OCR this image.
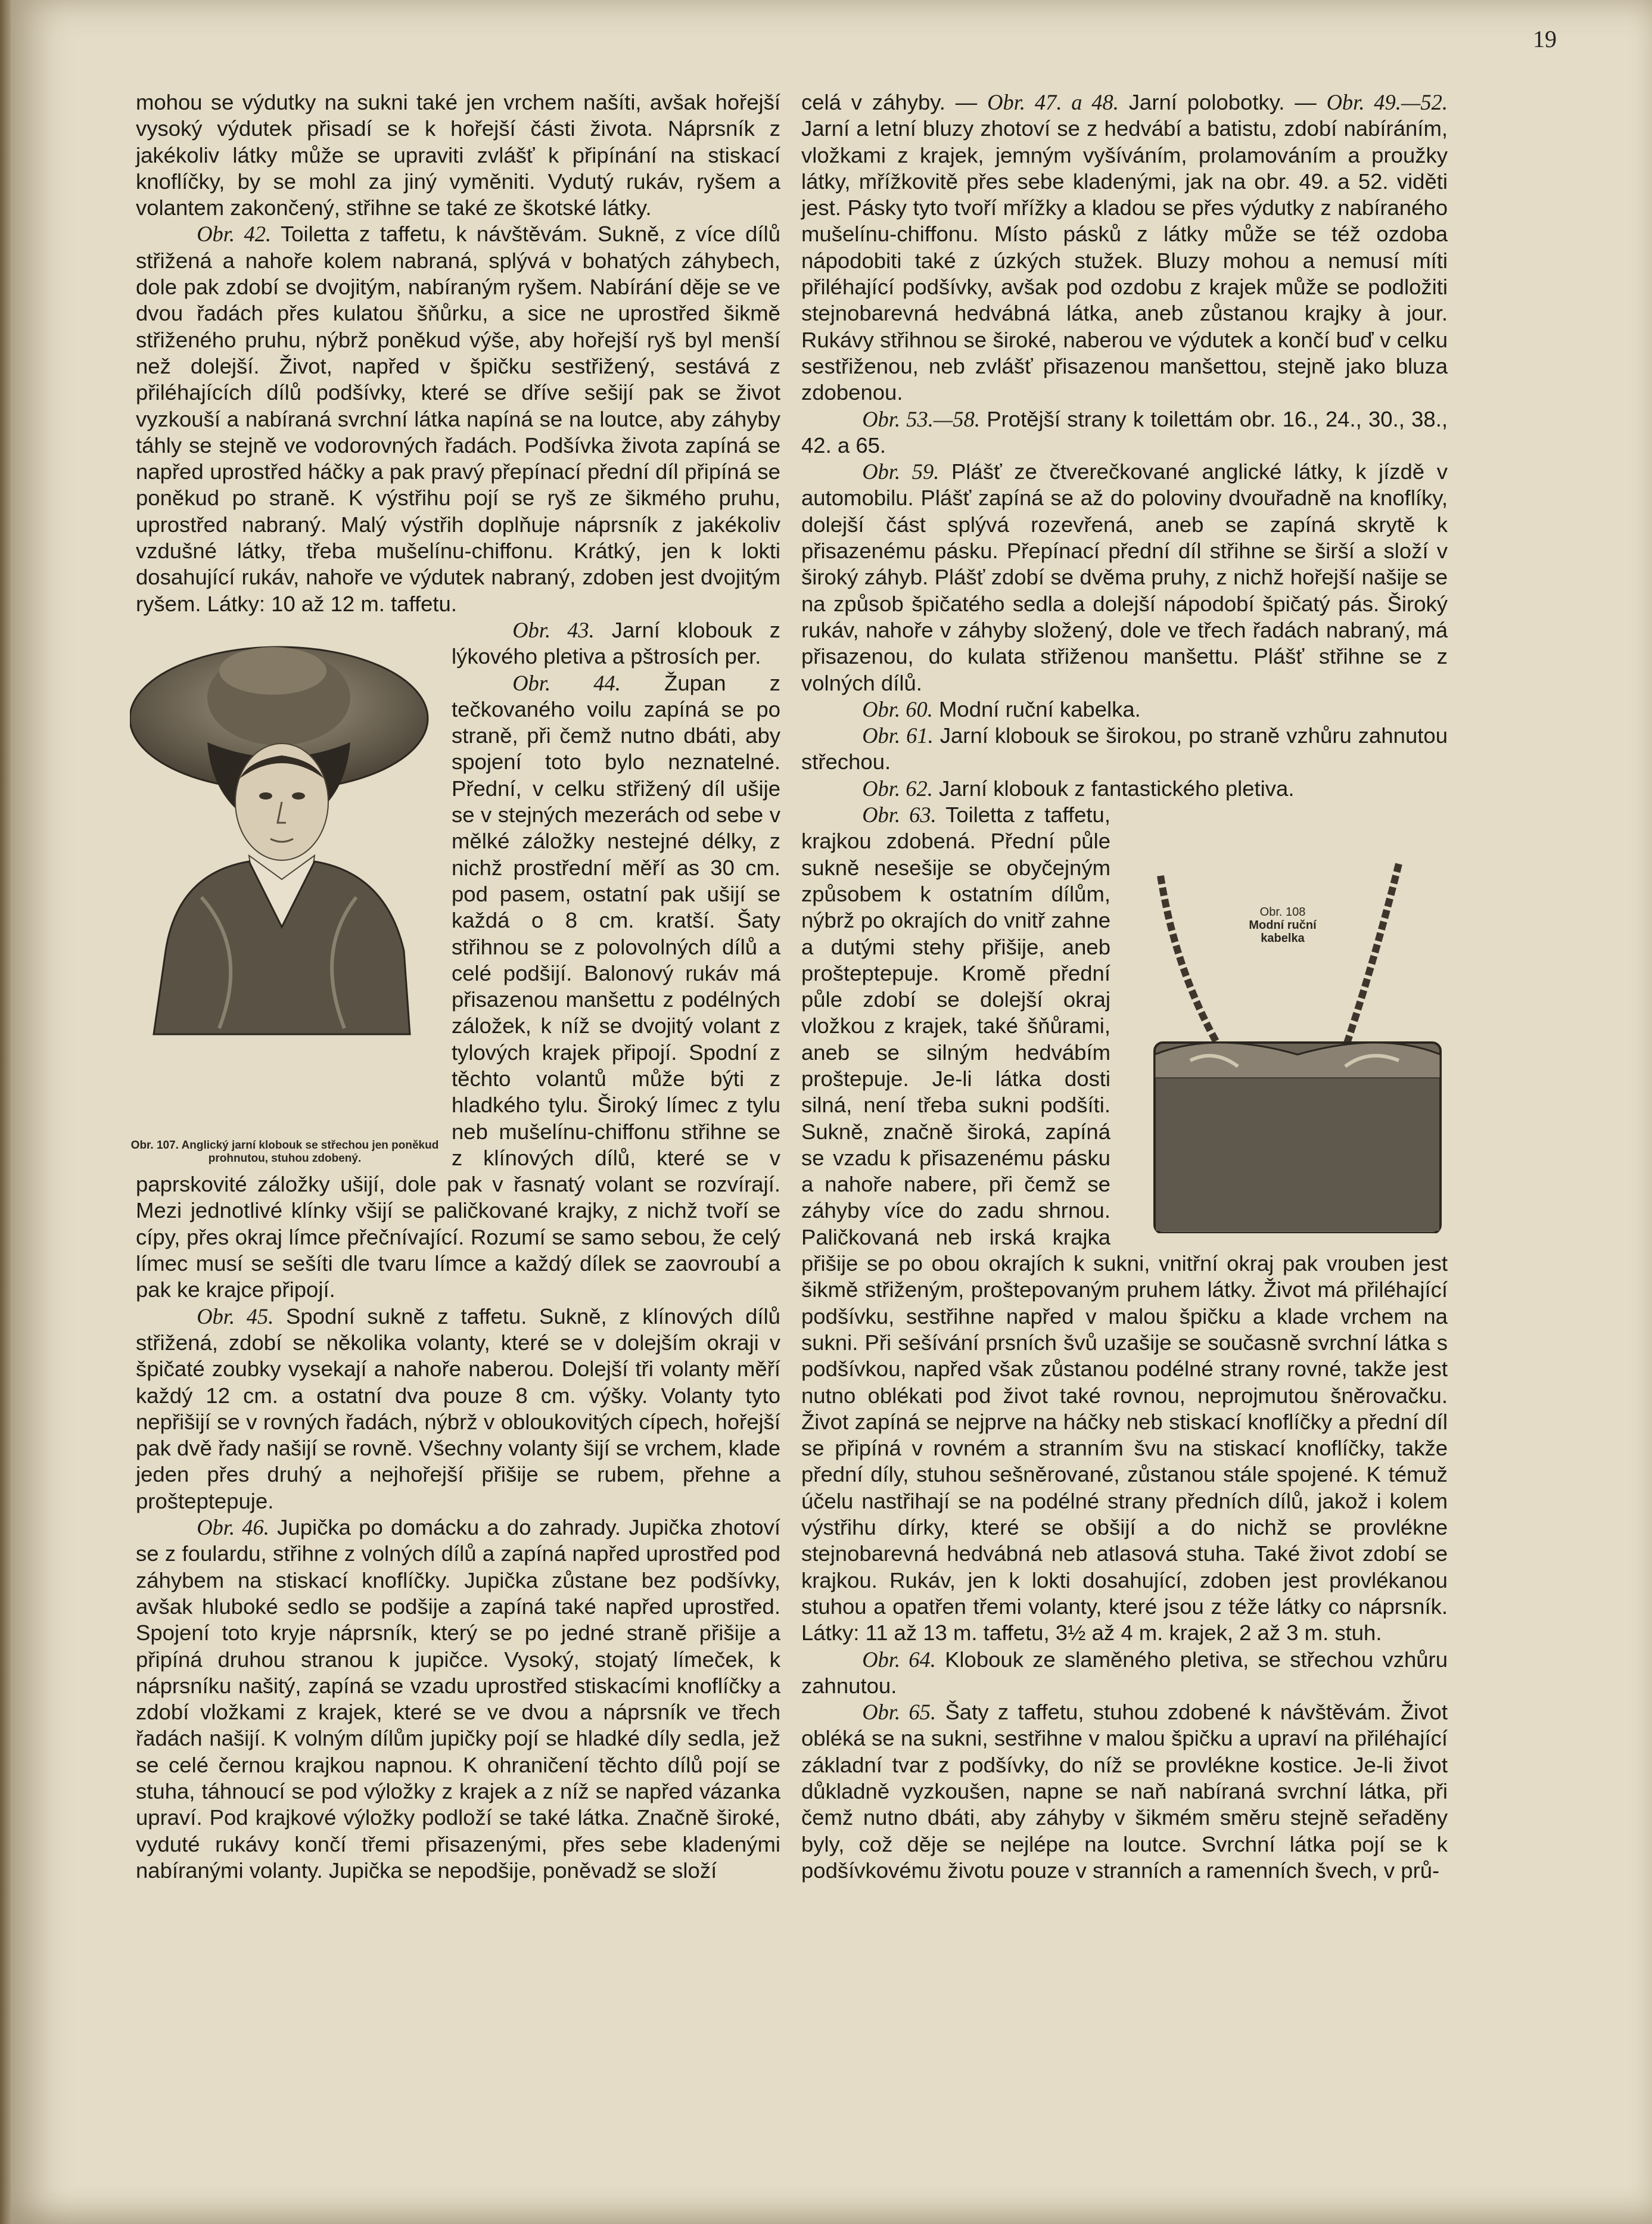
19

mohou se výdutky na sukni také jen vrchem našíti, avšak hořejší vysoký výdutek přisadí se k hořejší části života. Náprsník z jakékoliv látky může se upraviti zvlášť k připínání na stiskací knoflíčky, by se mohl za jiný vyměniti. Vydutý rukáv, ryšem a volantem zakončený, střihne se také ze škotské látky.

Obr. 42. Toiletta z taffetu, k návštěvám. Sukně, z více dílů střižená a nahoře kolem nabraná, splývá v bohatých záhybech, dole pak zdobí se dvojitým, nabíraným ryšem. Nabírání děje se ve dvou řadách přes kulatou šňůrku, a sice ne uprostřed šikmě střiženého pruhu, nýbrž poněkud výše, aby hořejší ryš byl menší než dolejší. Život, napřed v špičku sestřižený, sestává z přiléhajících dílů podšívky, které se dříve sešijí pak se život vyzkouší a nabíraná svrchní látka napíná se na loutce, aby záhyby táhly se stejně ve vodorovných řadách. Podšívka života zapíná se napřed uprostřed háčky a pak pravý přepínací přední díl připíná se poněkud po straně. K výstřihu pojí se ryš ze šikmého pruhu, uprostřed nabraný. Malý výstřih doplňuje náprsník z jakékoliv vzdušné látky, třeba mušelínu-chiffonu. Krátký, jen k lokti dosahující rukáv, nahoře ve výdutek nabraný, zdoben jest dvojitým ryšem. Látky: 10 až 12 m. taffetu.

Obr. 107. Anglický jarní klobouk se střechou jen poněkud prohnutou, stuhou zdobený.

Obr. 43. Jarní klobouk z lýkového pletiva a pštrosích per.

Obr. 44. Župan z tečkovaného voilu zapíná se po straně, při čemž nutno dbáti, aby spojení toto bylo neznatelné. Přední, v celku střižený díl ušije se v stejných mezerách od sebe v mělké záložky nestejné délky, z nichž prostřední měří as 30 cm. pod pasem, ostatní pak ušijí se každá o 8 cm. kratší. Šaty střihnou se z polovolných dílů a celé podšijí. Balonový rukáv má přisazenou manšettu z podélných záložek, k níž se dvojitý volant z tylových krajek připojí. Spodní z těchto volantů může býti z hladkého tylu. Široký límec z tylu neb mušelínu-chiffonu střihne se z klínových dílů, které se v paprskovité záložky ušijí, dole pak v řasnatý volant se rozvírají. Mezi jednotlivé klínky všijí se paličkované krajky, z nichž tvoří se cípy, přes okraj límce přečnívající. Rozumí se samo sebou, že celý límec musí se sešíti dle tvaru límce a každý dílek se zaovroubí a pak ke krajce připojí.

Obr. 45. Spodní sukně z taffetu. Sukně, z klínových dílů střižená, zdobí se několika volanty, které se v dolejším okraji v špičaté zoubky vysekají a nahoře naberou. Dolejší tři volanty měří každý 12 cm. a ostatní dva pouze 8 cm. výšky. Volanty tyto nepřišijí se v rovných řadách, nýbrž v obloukovitých cípech, hořejší pak dvě řady našijí se rovně. Všechny volanty šijí se vrchem, klade jeden přes druhý a nejhořejší přišije se rubem, přehne a prošteptepuje.

Obr. 46. Jupička po domácku a do zahrady. Jupička zhotoví se z foulardu, střihne z volných dílů a zapíná napřed uprostřed pod záhybem na stiskací knoflíčky. Jupička zůstane bez podšívky, avšak hluboké sedlo se podšije a zapíná také napřed uprostřed. Spojení toto kryje náprsník, který se po jedné straně přišije a připíná druhou stranou k jupičce. Vysoký, stojatý límeček, k náprsníku našitý, zapíná se vzadu uprostřed stiskacími knoflíčky a zdobí vložkami z krajek, které se ve dvou a náprsník ve třech řadách našijí. K volným dílům jupičky pojí se hladké díly sedla, jež se celé černou krajkou napnou. K ohraničení těchto dílů pojí se stuha, táhnoucí se pod výložky z krajek a z níž se napřed vázanka upraví. Pod krajkové výložky podloží se také látka. Značně široké, vyduté rukávy končí třemi přisazenými, přes sebe kladenými nabíranými volanty. Jupička se nepodšije, poněvadž se složí

celá v záhyby. — Obr. 47. a 48. Jarní polobotky. — Obr. 49.—52. Jarní a letní bluzy zhotoví se z hedvábí a batistu, zdobí nabíráním, vložkami z krajek, jemným vyšíváním, prolamováním a proužky látky, mřížkovitě přes sebe kladenými, jak na obr. 49. a 52. viděti jest. Pásky tyto tvoří mřížky a kladou se přes výdutky z nabíraného mušelínu-chiffonu. Místo pásků z látky může se též ozdoba nápodobiti také z úzkých stužek. Bluzy mohou a nemusí míti přiléhající podšívky, avšak pod ozdobu z krajek může se podložiti stejnobarevná hedvábná látka, aneb zůstanou krajky à jour. Rukávy střihnou se široké, naberou ve výdutek a končí buď v celku sestřiženou, neb zvlášť přisazenou manšettou, stejně jako bluza zdobenou.

Obr. 53.—58. Protější strany k toilettám obr. 16., 24., 30., 38., 42. a 65.

Obr. 59. Plášť ze čtverečkované anglické látky, k jízdě v automobilu. Plášť zapíná se až do poloviny dvouřadně na knoflíky, dolejší část splývá rozevřená, aneb se zapíná skrytě k přisazenému pásku. Přepínací přední díl střihne se širší a složí v široký záhyb. Plášť zdobí se dvěma pruhy, z nichž hořejší našije se na způsob špičatého sedla a dolejší nápodobí špičatý pás. Široký rukáv, nahoře v záhyby složený, dole ve třech řadách nabraný, má přisazenou, do kulata střiženou manšettu. Plášť střihne se z volných dílů.

Obr. 60. Modní ruční kabelka.

Obr. 61. Jarní klobouk se širokou, po straně vzhůru zahnutou střechou.

Obr. 62. Jarní klobouk z fantastického pletiva.

Obr. 108
Modní ruční kabelka

Obr. 63. Toiletta z taffetu, krajkou zdobená. Přední půle sukně nesešije se obyčejným způsobem k ostatním dílům, nýbrž po okrajích do vnitř zahne a dutými stehy přišije, aneb prošteptepuje. Kromě přední půle zdobí se dolejší okraj vložkou z krajek, také šňůrami, aneb se silným hedvábím proštepuje. Je-li látka dosti silná, není třeba sukni podšíti. Sukně, značně široká, zapíná se vzadu k přisazenému pásku a nahoře nabere, při čemž se záhyby více do zadu shrnou. Paličkovaná neb irská krajka přišije se po obou okrajích k sukni, vnitřní okraj pak vrouben jest šikmě střiženým, proštepovaným pruhem látky. Život má přiléhající podšívku, sestřihne napřed v malou špičku a klade vrchem na sukni. Při sešívání prsních švů uzašije se současně svrchní látka s podšívkou, napřed však zůstanou podélné strany rovné, takže jest nutno oblékati pod život také rovnou, neprojmutou šněrovačku. Život zapíná se nejprve na háčky neb stiskací knoflíčky a přední díl se připíná v rovném a stranním švu na stiskací knoflíčky, takže přední díly, stuhou sešněrované, zůstanou stále spojené. K témuž účelu nastřihají se na podélné strany předních dílů, jakož i kolem výstřihu dírky, které se obšijí a do nichž se provlékne stejnobarevná hedvábná neb atlasová stuha. Také život zdobí se krajkou. Rukáv, jen k lokti dosahující, zdoben jest provlékanou stuhou a opatřen třemi volanty, které jsou z téže látky co náprsník. Látky: 11 až 13 m. taffetu, 3½ až 4 m. krajek, 2 až 3 m. stuh.

Obr. 64. Klobouk ze slaměného pletiva, se střechou vzhůru zahnutou.

Obr. 65. Šaty z taffetu, stuhou zdobené k návštěvám. Život obléká se na sukni, sestřihne v malou špičku a upraví na přiléhající základní tvar z podšívky, do níž se provlékne kostice. Je-li život důkladně vyzkoušen, napne se naň nabíraná svrchní látka, při čemž nutno dbáti, aby záhyby v šikmém směru stejně seřaděny byly, což děje se nejlépe na loutce. Svrchní látka pojí se k podšívkovému životu pouze v stranních a ramenních švech, v prů-
